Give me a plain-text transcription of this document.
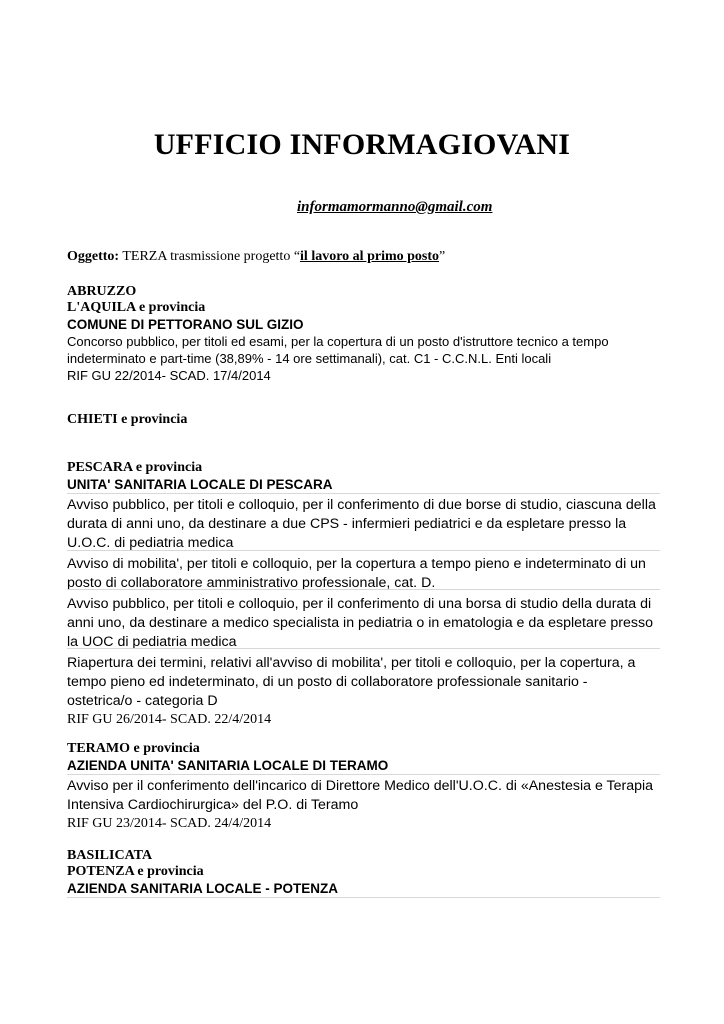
UFFICIO INFORMAGIOVANI
informamormanno@gmail.com
Oggetto: TERZA trasmissione progetto “il lavoro al primo posto”
ABRUZZO
L'AQUILA e provincia
COMUNE DI PETTORANO SUL GIZIO
Concorso pubblico, per titoli ed esami, per la copertura di un posto d'istruttore tecnico a tempo
indeterminato e part-time (38,89% - 14 ore settimanali), cat. C1 - C.C.N.L. Enti locali
RIF GU 22/2014- SCAD. 17/4/2014
CHIETI e provincia
PESCARA e provincia
UNITA' SANITARIA LOCALE DI PESCARA
Avviso pubblico, per titoli e colloquio, per il conferimento di due borse di studio, ciascuna della
durata di anni uno, da destinare a due CPS - infermieri pediatrici e da espletare presso la
U.O.C. di pediatria medica
Avviso di mobilita', per titoli e colloquio, per la copertura a tempo pieno e indeterminato di un
posto di collaboratore amministrativo professionale, cat. D.
Avviso pubblico, per titoli e colloquio, per il conferimento di una borsa di studio della durata di
anni uno, da destinare a medico specialista in pediatria o in ematologia e da espletare presso
la UOC di pediatria medica
Riapertura dei termini, relativi all'avviso di mobilita', per titoli e colloquio, per la copertura, a
tempo pieno ed indeterminato, di un posto di collaboratore professionale sanitario -
ostetrica/o - categoria D
RIF GU 26/2014- SCAD. 22/4/2014
TERAMO e provincia
AZIENDA UNITA' SANITARIA LOCALE DI TERAMO
Avviso per il conferimento dell'incarico di Direttore Medico dell'U.O.C. di «Anestesia e Terapia
Intensiva Cardiochirurgica» del P.O. di Teramo
RIF GU 23/2014- SCAD. 24/4/2014
BASILICATA
POTENZA e provincia
AZIENDA SANITARIA LOCALE - POTENZA
